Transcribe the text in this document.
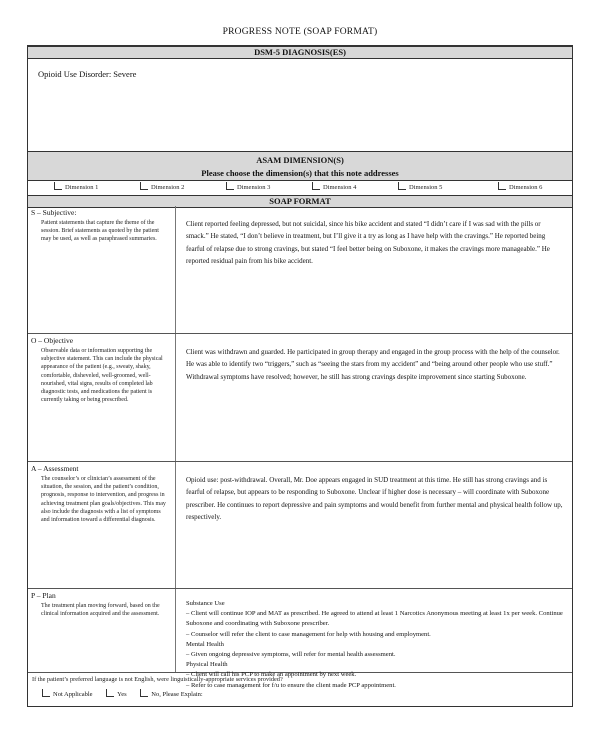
PROGRESS NOTE (SOAP FORMAT)
DSM-5 DIAGNOSIS(ES)
Opioid Use Disorder: Severe
ASAM DIMENSION(S)
Please choose the dimension(s) that this note addresses
Dimension 1	Dimension 2	Dimension 3	Dimension 4	Dimension 5	Dimension 6
SOAP FORMAT
S – Subjective:
Patient statements that capture the theme of the session. Brief statements as quoted by the patient may be used, as well as paraphrased summaries.
Client reported feeling depressed, but not suicidal, since his bike accident and stated “I didn’t care if I was sad with the pills or smack.” He stated, “I don’t believe in treatment, but I’ll give it a try as long as I have help with the cravings.” He reported being fearful of relapse due to strong cravings, but stated “I feel better being on Suboxone, it makes the cravings more manageable.” He reported residual pain from his bike accident.
O – Objective
Observable data or information supporting the subjective statement. This can include the physical appearance of the patient (e.g., sweaty, shaky, comfortable, disheveled, well-groomed, well-nourished, vital signs, results of completed lab diagnostic tests, and medications the patient is currently taking or being prescribed.
Client was withdrawn and guarded. He participated in group therapy and engaged in the group process with the help of the counselor. He was able to identify two “triggers,” such as “seeing the stars from my accident” and “being around other people who use stuff.” Withdrawal symptoms have resolved; however, he still has strong cravings despite improvement since starting Suboxone.
A – Assessment
The counselor’s or clinician’s assessment of the situation, the session, and the patient’s condition, prognosis, response to intervention, and progress in achieving treatment plan goals/objectives. This may also include the diagnosis with a list of symptoms and information toward a differential diagnosis.
Opioid use: post-withdrawal. Overall, Mr. Doe appears engaged in SUD treatment at this time. He still has strong cravings and is fearful of relapse, but appears to be responding to Suboxone. Unclear if higher dose is necessary – will coordinate with Suboxone prescriber. He continues to report depressive and pain symptoms and would benefit from further mental and physical health follow up, respectively.
P – Plan
The treatment plan moving forward, based on the clinical information acquired and the assessment.
Substance Use
– Client will continue IOP and MAT as prescribed. He agreed to attend at least 1 Narcotics Anonymous meeting at least 1x per week. Continue Suboxone and coordinating with Suboxone prescriber.
– Counselor will refer the client to case management for help with housing and employment.
Mental Health
– Given ongoing depressive symptoms, will refer for mental health assessment.
Physical Health
– Client will call his PCP to make an appointment by next week.
– Refer to case management for f/u to ensure the client made PCP appointment.
If the patient’s preferred language is not English, were linguistically-appropriate services provided?
Not Applicable	Yes	No, Please Explain:
